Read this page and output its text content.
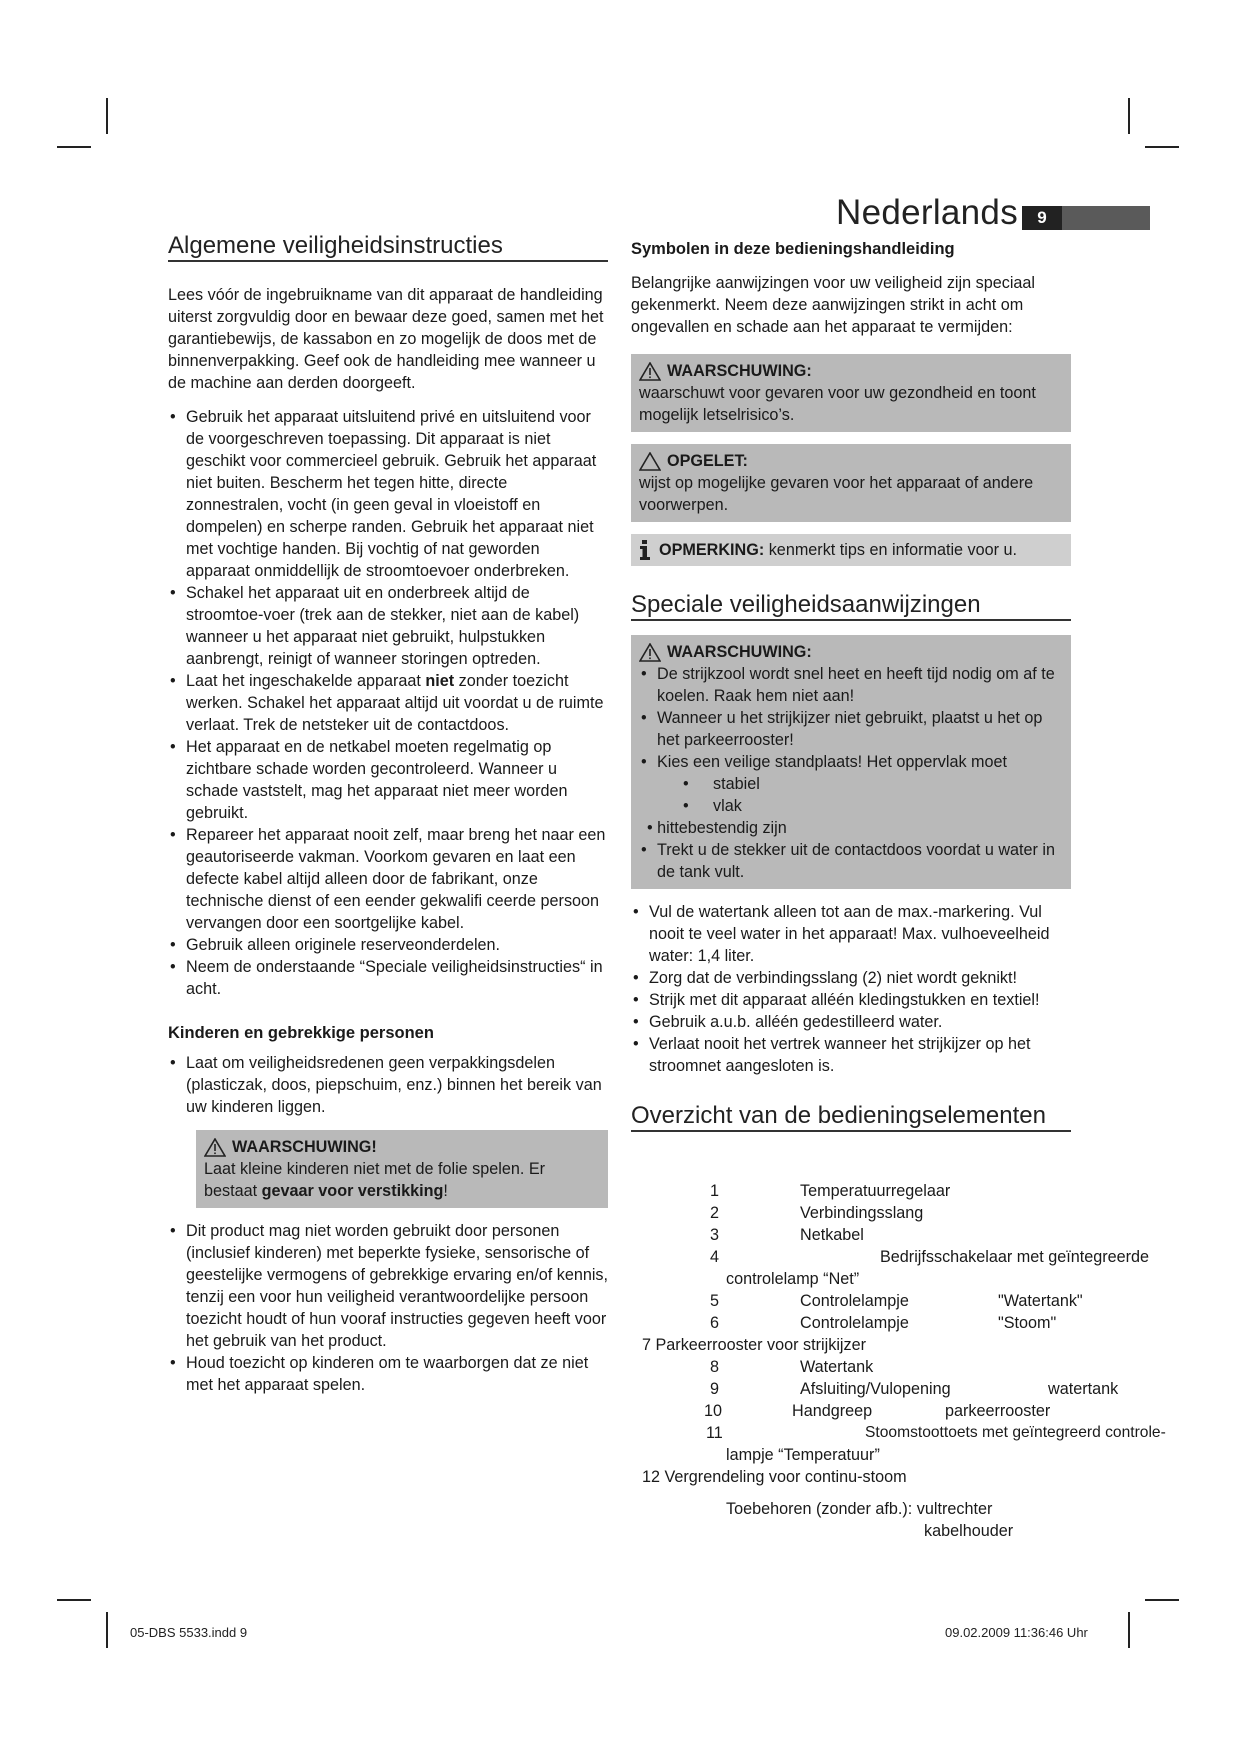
Nederlands	9
Algemene veiligheidsinstructies

Lees vóór de ingebruikname van dit apparaat de handleiding uiterst zorgvuldig door en bewaar deze goed, samen met het garantiebewijs, de kassabon en zo mogelijk de doos met de binnenverpakking. Geef ook de handleiding mee wanneer u de machine aan derden doorgeeft.

• Gebruik het apparaat uitsluitend privé en uitsluitend voor de voorgeschreven toepassing. Dit apparaat is niet geschikt voor commercieel gebruik. Gebruik het apparaat niet buiten. Bescherm het tegen hitte, directe zonnestralen, vocht (in geen geval in vloeistoff en dompelen) en scherpe randen. Gebruik het apparaat niet met vochtige handen. Bij vochtig of nat geworden apparaat onmiddellijk de stroomtoevoer onderbreken.
• Schakel het apparaat uit en onderbreek altijd de stroomtoe-voer (trek aan de stekker, niet aan de kabel) wanneer u het apparaat niet gebruikt, hulpstukken aanbrengt, reinigt of wanneer storingen optreden.
• Laat het ingeschakelde apparaat niet zonder toezicht werken. Schakel het apparaat altijd uit voordat u de ruimte verlaat. Trek de netsteker uit de contactdoos.
• Het apparaat en de netkabel moeten regelmatig op zichtbare schade worden gecontroleerd. Wanneer u schade vaststelt, mag het apparaat niet meer worden gebruikt.
• Repareer het apparaat nooit zelf, maar breng het naar een geautoriseerde vakman. Voorkom gevaren en laat een defecte kabel altijd alleen door de fabrikant, onze technische dienst of een eender gekwalifi ceerde persoon vervangen door een soortgelijke kabel.
• Gebruik alleen originele reserveonderdelen.
• Neem de onderstaande “Speciale veiligheidsinstructies“ in acht.
Kinderen en gebrekkige personen
• Laat om veiligheidsredenen geen verpakkingsdelen (plasticzak, doos, piepschuim, enz.) binnen het bereik van uw kinderen liggen.
WAARSCHUWING!
Laat kleine kinderen niet met de folie spelen. Er bestaat gevaar voor verstikking!
• Dit product mag niet worden gebruikt door personen (inclusief kinderen) met beperkte fysieke, sensorische of geestelijke vermogens of gebrekkige ervaring en/of kennis, tenzij een voor hun veiligheid verantwoordelijke persoon toezicht houdt of hun vooraf instructies gegeven heeft voor het gebruik van het product.
• Houd toezicht op kinderen om te waarborgen dat ze niet met het apparaat spelen.
Symbolen in deze bedieningshandleiding

Belangrijke aanwijzingen voor uw veiligheid zijn speciaal gekenmerkt. Neem deze aanwijzingen strikt in acht om ongevallen en schade aan het apparaat te vermijden:

WAARSCHUWING:
waarschuwt voor gevaren voor uw gezondheid en toont mogelijk letselrisico’s.
OPGELET:
wijst op mogelijke gevaren voor het apparaat of andere voorwerpen.
OPMERKING: kenmerkt tips en informatie voor u.
Speciale veiligheidsaanwijzingen
WAARSCHUWING:
• De strijkzool wordt snel heet en heeft tijd nodig om af te koelen. Raak hem niet aan!
• Wanneer u het strijkijzer niet gebruikt, plaatst u het op het parkeerrooster!
• Kies een veilige standplaats! Het oppervlak moet
• stabiel
• vlak
• hittebestendig zijn
• Trekt u de stekker uit de contactdoos voordat u water in de tank vult.
• Vul de watertank alleen tot aan de max.-markering. Vul nooit te veel water in het apparaat! Max. vulhoeveelheid water: 1,4 liter.
• Zorg dat de verbindingsslang (2) niet wordt geknikt!
• Strijk met dit apparaat alléén kledingstukken en textiel!
• Gebruik a.u.b. alléén gedestilleerd water.
• Verlaat nooit het vertrek wanneer het strijkijzer op het stroomnet aangesloten is.
Overzicht van de bedieningselementen
1	Temperatuurregelaar
2	Verbindingsslang
3	Netkabel
4	Bedrijfsschakelaar met geïntegreerde
controlelamp “Net”
5	Controlelampje	"Watertank"
6	Controlelampje	"Stoom"
7 Parkeerrooster voor strijkijzer
8	Watertank
9	Afsluiting/Vulopening	watertank
10	Handgreep	parkeerrooster
11	Stoomstoottoets met geïntegreerd controle-
lampje “Temperatuur”
12 Vergrendeling voor continu-stoom
Toebehoren (zonder afb.): vultrechter
kabelhouder
05-DBS 5533.indd 9	09.02.2009 11:36:46 Uhr
